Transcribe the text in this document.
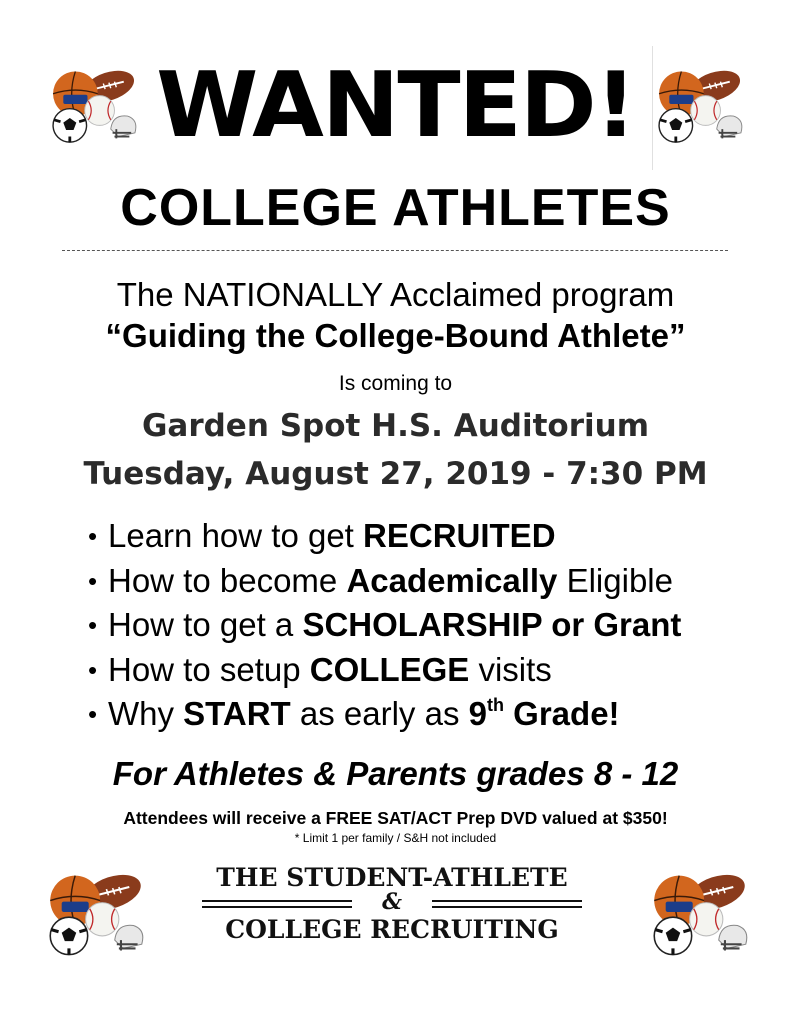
WANTED!
COLLEGE ATHLETES
The NATIONALLY Acclaimed program
“Guiding the College-Bound Athlete”
Is coming to
Garden Spot H.S. Auditorium
Tuesday, August 27, 2019 - 7:30 PM
• Learn how to get RECRUITED
• How to become Academically Eligible
• How to get a SCHOLARSHIP or Grant
• How to setup COLLEGE visits
• Why START as early as 9th Grade!
For Athletes & Parents grades 8 - 12
Attendees will receive a FREE SAT/ACT Prep DVD valued at $350!
* Limit 1 per family / S&H not included
THE STUDENT-ATHLETE
&
COLLEGE RECRUITING
